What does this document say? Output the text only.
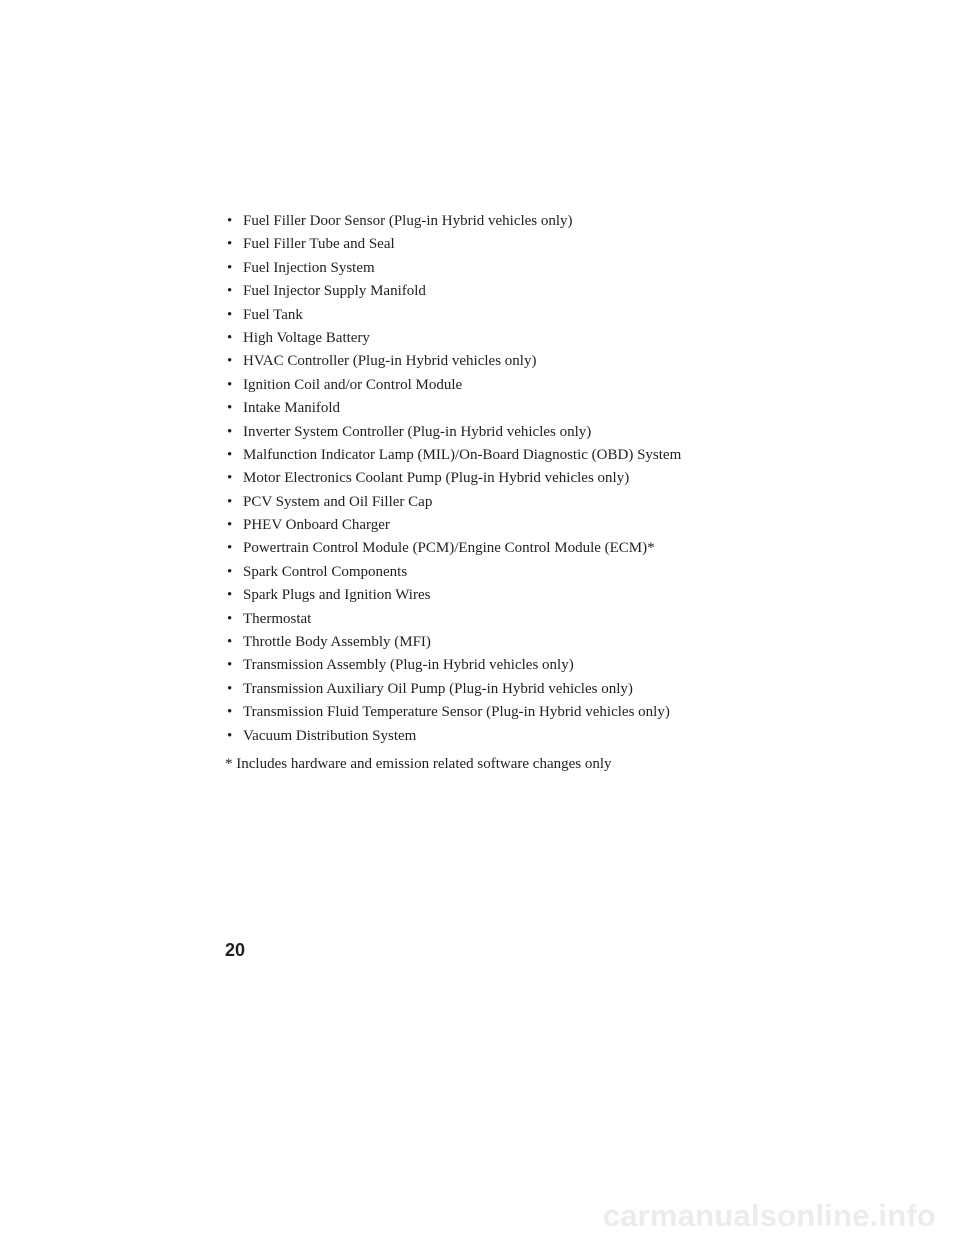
• Fuel Filler Door Sensor (Plug-in Hybrid vehicles only)
• Fuel Filler Tube and Seal
• Fuel Injection System
• Fuel Injector Supply Manifold
• Fuel Tank
• High Voltage Battery
• HVAC Controller (Plug-in Hybrid vehicles only)
• Ignition Coil and/or Control Module
• Intake Manifold
• Inverter System Controller (Plug-in Hybrid vehicles only)
• Malfunction Indicator Lamp (MIL)/On-Board Diagnostic (OBD) System
• Motor Electronics Coolant Pump (Plug-in Hybrid vehicles only)
• PCV System and Oil Filler Cap
• PHEV Onboard Charger
• Powertrain Control Module (PCM)/Engine Control Module (ECM)*
• Spark Control Components
• Spark Plugs and Ignition Wires
• Thermostat
• Throttle Body Assembly (MFI)
• Transmission Assembly (Plug-in Hybrid vehicles only)
• Transmission Auxiliary Oil Pump (Plug-in Hybrid vehicles only)
• Transmission Fluid Temperature Sensor (Plug-in Hybrid vehicles only)
• Vacuum Distribution System
* Includes hardware and emission related software changes only
20
carmanualsonline.info
